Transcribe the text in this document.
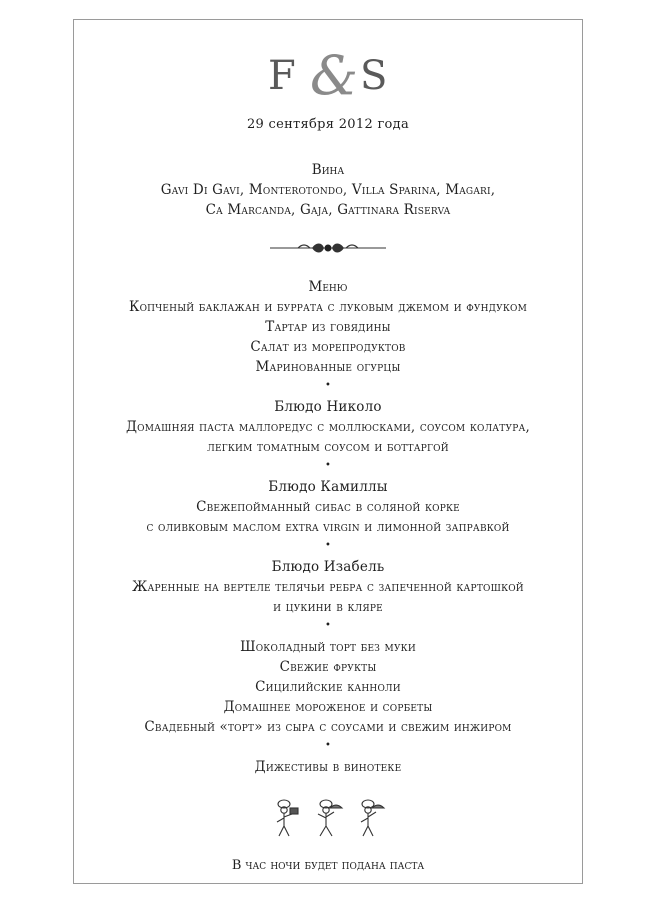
F & S
29 сентября 2012 года
Вина
Gavi Di Gavi, Monterotondo, Villa Sparina, Magari,
Ca Marcanda, Gaja, Gattinara Riserva
Меню
Копченый баклажан и буррата с луковым джемом и фундуком
Тартар из говядины
Салат из морепродуктов
Маринованные огурцы
•
Блюдо Николо
Домашняя паста маллоредус с моллюсками, соусом колатура,
легким томатным соусом и боттаргой
•
Блюдо Камиллы
Свежепойманный сибас в соляной корке
с оливковым маслом extra virgin и лимонной заправкой
•
Блюдо Изабель
Жаренные на вертеле телячьи ребра с запеченной картошкой
и цукини в кляре
•
Шоколадный торт без муки
Свежие фрукты
Сицилийские канноли
Домашнее мороженое и сорбеты
Свадебный «торт» из сыра с соусами и свежим инжиром
•
Дижестивы в винотеке
В час ночи будет подана паста
